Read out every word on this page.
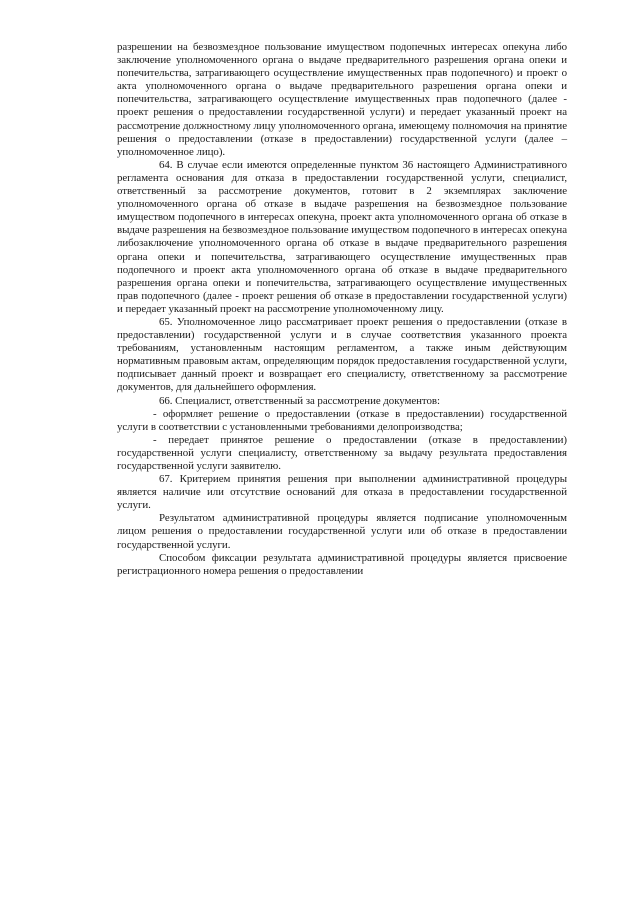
разрешении на безвозмездное пользование имуществом подопечных интересах опекуна либо заключение уполномоченного органа о выдаче предварительного разрешения органа опеки и попечительства, затрагивающего осуществление имущественных прав подопечного) и проект о акта уполномоченного органа о выдаче предварительного разрешения органа опеки и попечительства, затрагивающего осуществление имущественных прав подопечного (далее - проект решения о предоставлении государственной услуги) и передает указанный проект на рассмотрение должностному лицу уполномоченного органа, имеющему полномочия на принятие решения о предоставлении (отказе в предоставлении) государственной услуги (далее – уполномоченное лицо).

64. В случае если имеются определенные пунктом 36 настоящего Административного регламента основания для отказа в предоставлении государственной услуги, специалист, ответственный за рассмотрение документов, готовит в 2 экземплярах заключение уполномоченного органа об отказе в выдаче разрешения на безвозмездное пользование имуществом подопечного в интересах опекуна, проект акта уполномоченного органа об отказе в выдаче разрешения на безвозмездное пользование имуществом подопечного в интересах опекуна либозаключение уполномоченного органа об отказе в выдаче предварительного разрешения органа опеки и попечительства, затрагивающего осуществление имущественных прав подопечного и проект акта уполномоченного органа об отказе в выдаче предварительного разрешения органа опеки и попечительства, затрагивающего осуществление имущественных прав подопечного (далее - проект решения об отказе в предоставлении государственной услуги) и передает указанный проект на рассмотрение уполномоченному лицу.

65. Уполномоченное лицо рассматривает проект решения о предоставлении (отказе в предоставлении) государственной услуги и в случае соответствия указанного проекта требованиям, установленным настоящим регламентом, а также иным действующим нормативным правовым актам, определяющим порядок предоставления государственной услуги, подписывает данный проект и возвращает его специалисту, ответственному за рассмотрение документов, для дальнейшего оформления.

66. Специалист, ответственный за рассмотрение документов:

- оформляет решение о предоставлении (отказе в предоставлении) государственной услуги в соответствии с установленными требованиями делопроизводства;

- передает принятое решение о предоставлении (отказе в предоставлении) государственной услуги специалисту, ответственному за выдачу результата предоставления государственной услуги заявителю.

67. Критерием принятия решения при выполнении административной процедуры является наличие или отсутствие оснований для отказа в предоставлении государственной услуги.

Результатом административной процедуры является подписание уполномоченным лицом решения о предоставлении государственной услуги или об отказе в предоставлении государственной услуги.

Способом фиксации результата административной процедуры является присвоение регистрационного номера решения о предоставлении
